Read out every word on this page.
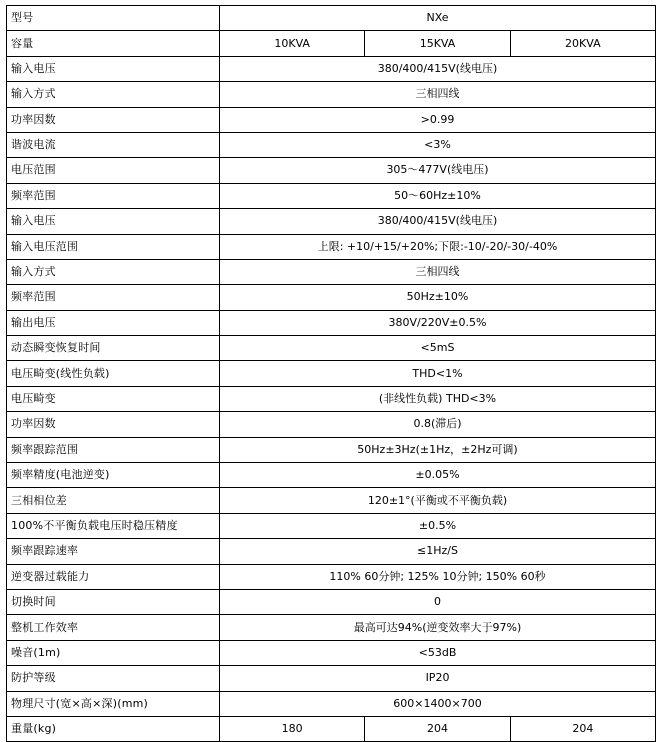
型号	NXe		
容量	10KVA	15KVA	20KVA
输入电压	380/400/415V(线电压)		
输入方式	三相四线		
功率因数	>0.99		
谐波电流	<3%		
电压范围	305～477V(线电压)		
频率范围	50～60Hz±10%		
输入电压	380/400/415V(线电压)		
输入电压范围	上限: +10/+15/+20%;下限:-10/-20/-30/-40%		
输入方式	三相四线		
频率范围	50Hz±10%		
输出电压	380V/220V±0.5%		
动态瞬变恢复时间	<5mS		
电压畸变(线性负载)	THD<1%		
电压畸变	(非线性负载) THD<3%		
功率因数	0.8(滞后)		
频率跟踪范围	50Hz±3Hz(±1Hz，±2Hz可调)		
频率精度(电池逆变)	±0.05%		
三相相位差	120±1°(平衡或不平衡负载)		
100%不平衡负载电压时稳压精度	±0.5%		
频率跟踪速率	≤1Hz/S		
逆变器过载能力	110% 60分钟; 125% 10分钟; 150% 60秒		
切换时间	0		
整机工作效率	最高可达94%(逆变效率大于97%)		
噪音(1m)	<53dB		
防护等级	IP20		
物理尺寸(宽×高×深)(mm)	600×1400×700		
重量(kg)	180	204	204
